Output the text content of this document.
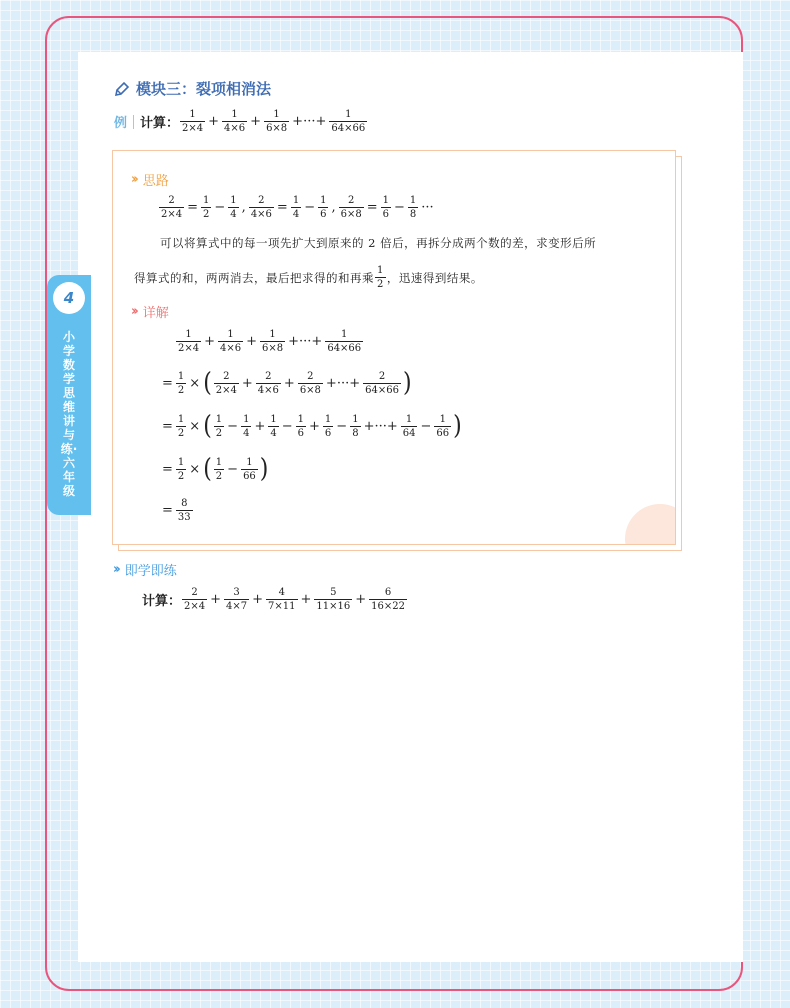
4
小学数学思维讲与练·六年级
模块三：裂项相消法
例 计算： $\frac{1}{2\times 4} + \frac{1}{4\times 6} + \frac{1}{6\times 8}$ +···+ $\frac{1}{64\times 66}$
›› 思路
$\frac{2}{2\times 4} = \frac{1}{2} - \frac{1}{4}$ , $\frac{2}{4\times 6} = \frac{1}{4} - \frac{1}{6}$ , $\frac{2}{6\times 8} = \frac{1}{6} - \frac{1}{8}$ ···
可以将算式中的每一项先扩大到原来的 2 倍后，再拆分成两个数的差，求变形后所
得算式的和，两两消去，最后把求得的和再乘 $\frac{1}{2}$ ，迅速得到结果。
›› 详解
$\frac{1}{2\times 4} + \frac{1}{4\times 6} + \frac{1}{6\times 8}$ +···+ $\frac{1}{64\times 66}$
= $\frac{1}{2}$ × ( $\frac{2}{2\times 4} + \frac{2}{4\times 6} + \frac{2}{6\times 8}$ +···+ $\frac{2}{64\times 66}$ )
= $\frac{1}{2}$ × ( $\frac{1}{2} - \frac{1}{4} + \frac{1}{4} - \frac{1}{6} + \frac{1}{6} - \frac{1}{8}$ +···+ $\frac{1}{64} - \frac{1}{66}$ )
= $\frac{1}{2}$ × ( $\frac{1}{2} - \frac{1}{66}$ )
= $\frac{8}{33}$
›› 即学即练
计算： $\frac{2}{2\times 4} + \frac{3}{4\times 7} + \frac{4}{7\times 11} + \frac{5}{11\times 16} + \frac{6}{16\times 22}$
